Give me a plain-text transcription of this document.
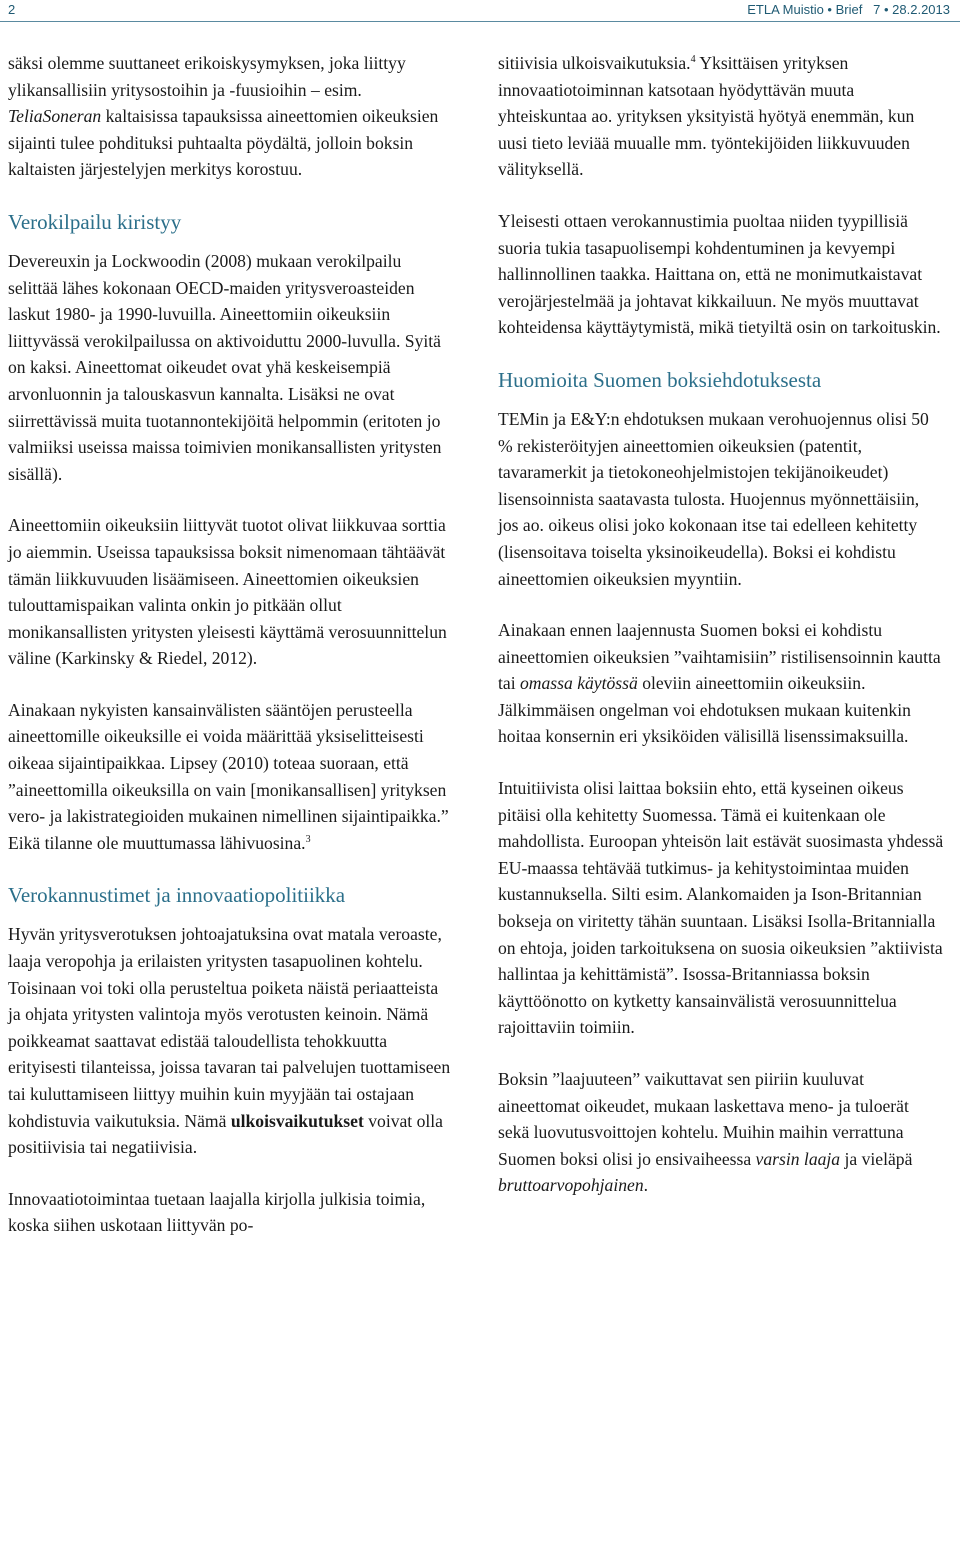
2	ETLA Muistio • Brief   7 • 28.2.2013

säksi olemme suuttaneet erikoiskysymyksen, joka liittyy ylikansallisiin yritysostoihin ja -fuusioihin – esim. TeliaSoneran kaltaisissa tapauksissa aineettomien oikeuksien sijainti tulee pohdituksi puhtaalta pöydältä, jolloin boksin kaltaisten järjestelyjen merkitys korostuu.

Verokilpailu kiristyy

Devereuxin ja Lockwoodin (2008) mukaan verokilpailu selittää lähes kokonaan OECD-maiden yritysveroasteiden laskut 1980- ja 1990-luvuilla. Aineettomiin oikeuksiin liittyvässä verokilpailussa on aktivoiduttu 2000-luvulla. Syitä on kaksi. Aineettomat oikeudet ovat yhä keskeisempiä arvonluonnin ja talouskasvun kannalta. Lisäksi ne ovat siirrettävissä muita tuotannontekijöitä helpommin (eritoten jo valmiiksi useissa maissa toimivien monikansallisten yritysten sisällä).

Aineettomiin oikeuksiin liittyvät tuotot olivat liikkuvaa sorttia jo aiemmin. Useissa tapauksissa boksit nimenomaan tähtäävät tämän liikkuvuuden lisäämiseen. Aineettomien oikeuksien tulouttamispaikan valinta onkin jo pitkään ollut monikansallisten yritysten yleisesti käyttämä verosuunnittelun väline (Karkinsky & Riedel, 2012).

Ainakaan nykyisten kansainvälisten sääntöjen perusteella aineettomille oikeuksille ei voida määrittää yksiselitteisesti oikeaa sijaintipaikkaa. Lipsey (2010) toteaa suoraan, että ”aineettomilla oikeuksilla on vain [monikansallisen] yrityksen vero- ja lakistrategioiden mukainen nimellinen sijaintipaikka.” Eikä tilanne ole muuttumassa lähivuosina.$^3$

Verokannustimet ja innovaatiopolitiikka

Hyvän yritysverotuksen johtoajatuksina ovat matala veroaste, laaja veropohja ja erilaisten yritysten tasapuolinen kohtelu. Toisinaan voi toki olla perusteltua poiketa näistä periaatteista ja ohjata yritysten valintoja myös verotusten keinoin. Nämä poikkeamat saattavat edistää taloudellista tehokkuutta erityisesti tilanteissa, joissa tavaran tai palvelujen tuottamiseen tai kuluttamiseen liittyy muihin kuin myyjään tai ostajaan kohdistuvia vaikutuksia. Nämä ulkoisvaikutukset voivat olla positiivisia tai negatiivisia.

Innovaatiotoimintaa tuetaan laajalla kirjolla julkisia toimia, koska siihen uskotaan liittyvän po-

sitiivisia ulkoisvaikutuksia.$^4$ Yksittäisen yrityksen innovaatiotoiminnan katsotaan hyödyttävän muuta yhteiskuntaa ao. yrityksen yksityistä hyötyä enemmän, kun uusi tieto leviää muualle mm. työntekijöiden liikkuvuuden välityksellä.

Yleisesti ottaen verokannustimia puoltaa niiden tyypillisiä suoria tukia tasapuolisempi kohdentuminen ja kevyempi hallinnollinen taakka. Haittana on, että ne monimutkaistavat verojärjestelmää ja johtavat kikkailuun. Ne myös muuttavat kohteidensa käyttäytymistä, mikä tietyiltä osin on tarkoituskin.

Huomioita Suomen boksiehdotuksesta

TEMin ja E&Y:n ehdotuksen mukaan verohuojennus olisi 50 % rekisteröityjen aineettomien oikeuksien (patentit, tavaramerkit ja tietokoneohjelmistojen tekijänoikeudet) lisensoinnista saatavasta tulosta. Huojennus myönnettäisiin, jos ao. oikeus olisi joko kokonaan itse tai edelleen kehitetty (lisensoitava toiselta yksinoikeudella). Boksi ei kohdistu aineettomien oikeuksien myyntiin.

Ainakaan ennen laajennusta Suomen boksi ei kohdistu aineettomien oikeuksien ”vaihtamisiin” ristilisensoinnin kautta tai omassa käytössä oleviin aineettomiin oikeuksiin. Jälkimmäisen ongelman voi ehdotuksen mukaan kuitenkin hoitaa konsernin eri yksiköiden välisillä lisenssimaksuilla.

Intuitiivista olisi laittaa boksiin ehto, että kyseinen oikeus pitäisi olla kehitetty Suomessa. Tämä ei kuitenkaan ole mahdollista. Euroopan yhteisön lait estävät suosimasta yhdessä EU-maassa tehtävää tutkimus- ja kehitystoimintaa muiden kustannuksella. Silti esim. Alankomaiden ja Ison-Britannian bokseja on viritetty tähän suuntaan. Lisäksi Isolla-Britannialla on ehtoja, joiden tarkoituksena on suosia oikeuksien ”aktiivista hallintaa ja kehittämistä”. Isossa-Britanniassa boksin käyttöönotto on kytketty kansainvälistä verosuunnittelua rajoittaviin toimiin.

Boksin ”laajuuteen” vaikuttavat sen piiriin kuuluvat aineettomat oikeudet, mukaan laskettava meno- ja tuloerät sekä luovutusvoittojen kohtelu. Muihin maihin verrattuna Suomen boksi olisi jo ensivaiheessa varsin laaja ja vieläpä bruttoarvopohjainen.
